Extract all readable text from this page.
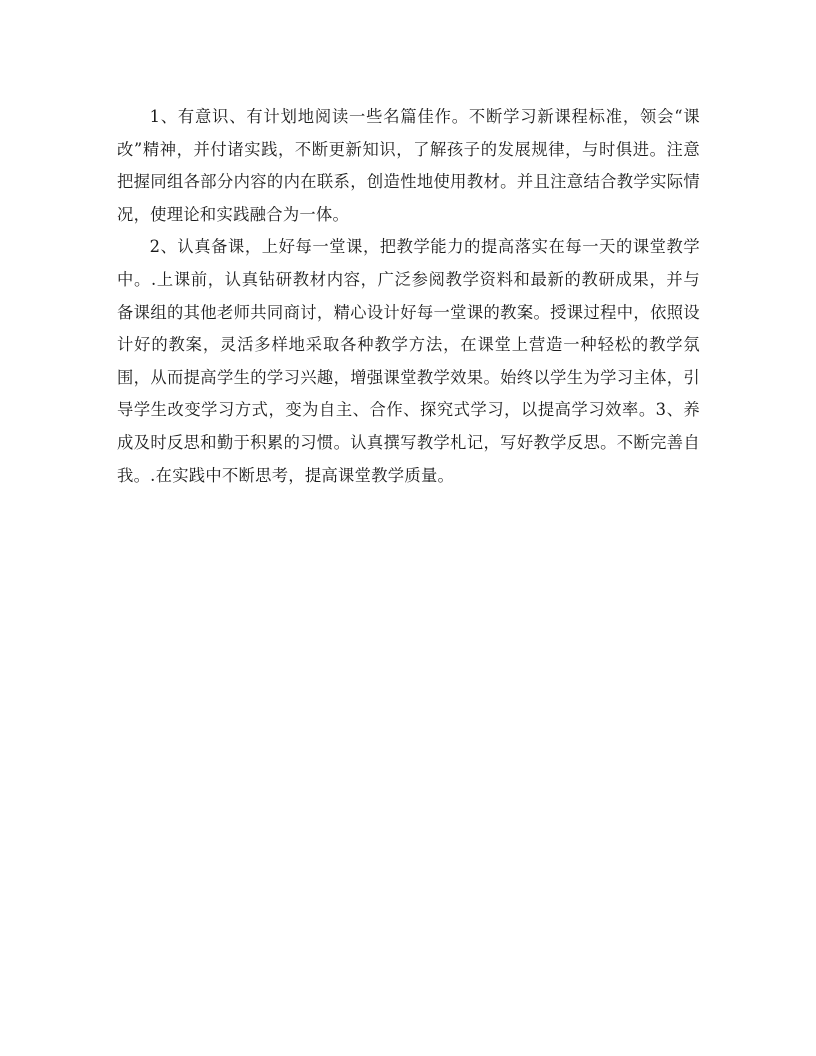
1、有意识、有计划地阅读一些名篇佳作。不断学习新课程标准，领会“课改”精神，并付诸实践，不断更新知识，了解孩子的发展规律，与时俱进。注意把握同组各部分内容的内在联系，创造性地使用教材。并且注意结合教学实际情况，使理论和实践融合为一体。

2、认真备课，上好每一堂课，把教学能力的提高落实在每一天的课堂教学中。.上课前，认真钻研教材内容，广泛参阅教学资料和最新的教研成果，并与备课组的其他老师共同商讨，精心设计好每一堂课的教案。授课过程中，依照设计好的教案，灵活多样地采取各种教学方法，在课堂上营造一种轻松的教学氛围，从而提高学生的学习兴趣，增强课堂教学效果。始终以学生为学习主体，引导学生改变学习方式，变为自主、合作、探究式学习，以提高学习效率。3、养成及时反思和勤于积累的习惯。认真撰写教学札记，写好教学反思。不断完善自我。.在实践中不断思考，提高课堂教学质量。
